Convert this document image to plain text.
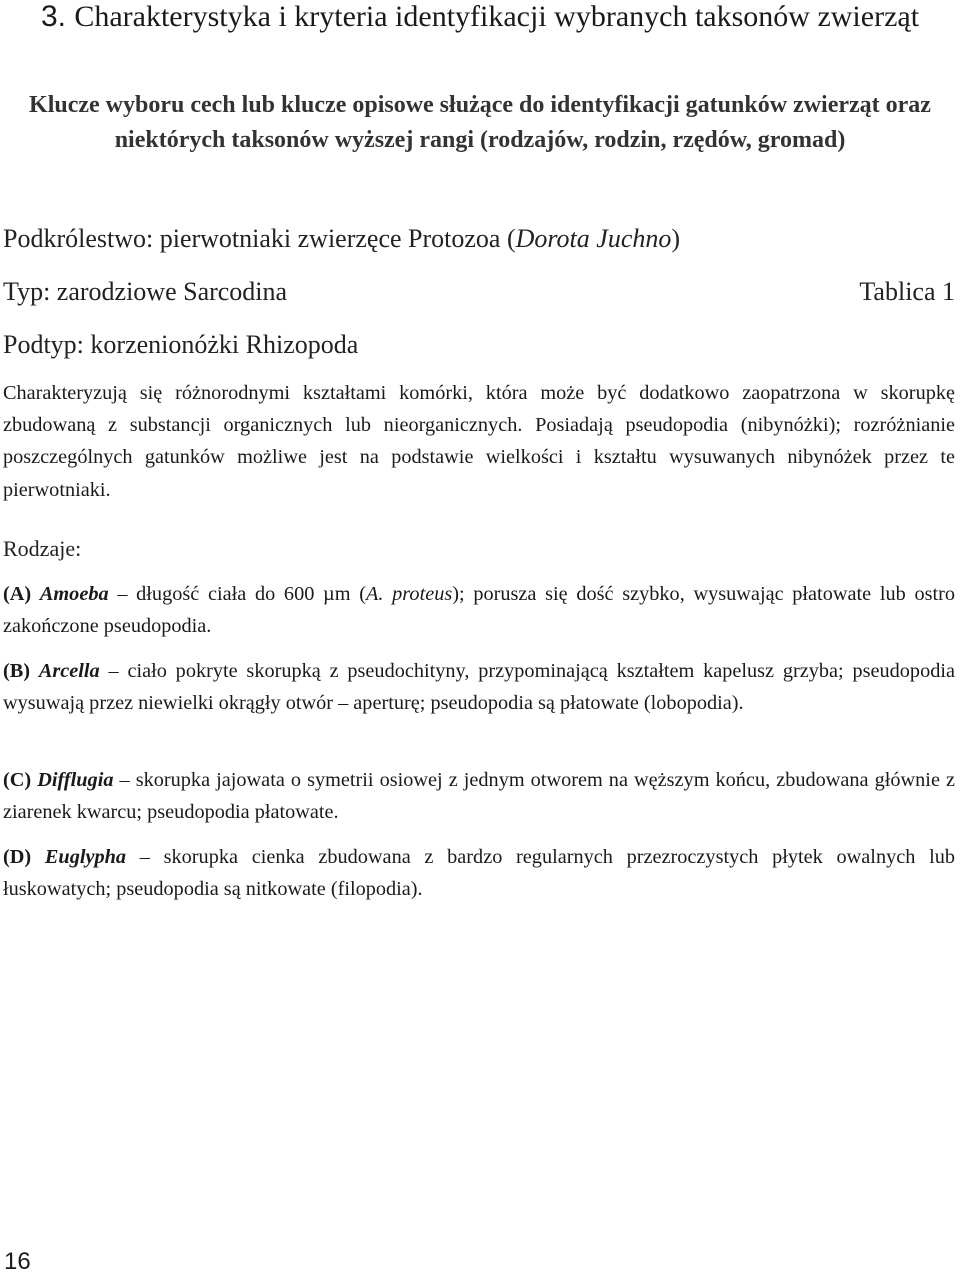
3. Charakterystyka i kryteria identyfikacji wybranych taksonów zwierząt

Klucze wyboru cech lub klucze opisowe służące do identyfikacji gatunków zwierząt oraz niektórych taksonów wyższej rangi (rodzajów, rodzin, rzędów, gromad)

Podkrólestwo: pierwotniaki zwierzęce Protozoa (Dorota Juchno)
Typ: zarodziowe Sarcodina	Tablica 1
Podtyp: korzenionóżki Rhizopoda

Charakteryzują się różnorodnymi kształtami komórki, która może być dodatkowo zaopatrzona w skorupkę zbudowaną z substancji organicznych lub nieorganicznych. Posiadają pseudopodia (nibynóżki); rozróżnianie poszczególnych gatunków możliwe jest na podstawie wielkości i kształtu wysuwanych nibynóżek przez te pierwotniaki.

Rodzaje:

(A) Amoeba – długość ciała do 600 µm (A. proteus); porusza się dość szybko, wysuwając płatowate lub ostro zakończone pseudopodia.

(B) Arcella – ciało pokryte skorupką z pseudochityny, przypominającą kształtem kapelusz grzyba; pseudopodia wysuwają przez niewielki okrągły otwór – aperturę; pseudopodia są płatowate (lobopodia).

(C) Difflugia – skorupka jajowata o symetrii osiowej z jednym otworem na węższym końcu, zbudowana głównie z ziarenek kwarcu; pseudopodia płatowate.

(D) Euglypha – skorupka cienka zbudowana z bardzo regularnych przezroczystych płytek owalnych lub łuskowatych; pseudopodia są nitkowate (filopodia).

16
